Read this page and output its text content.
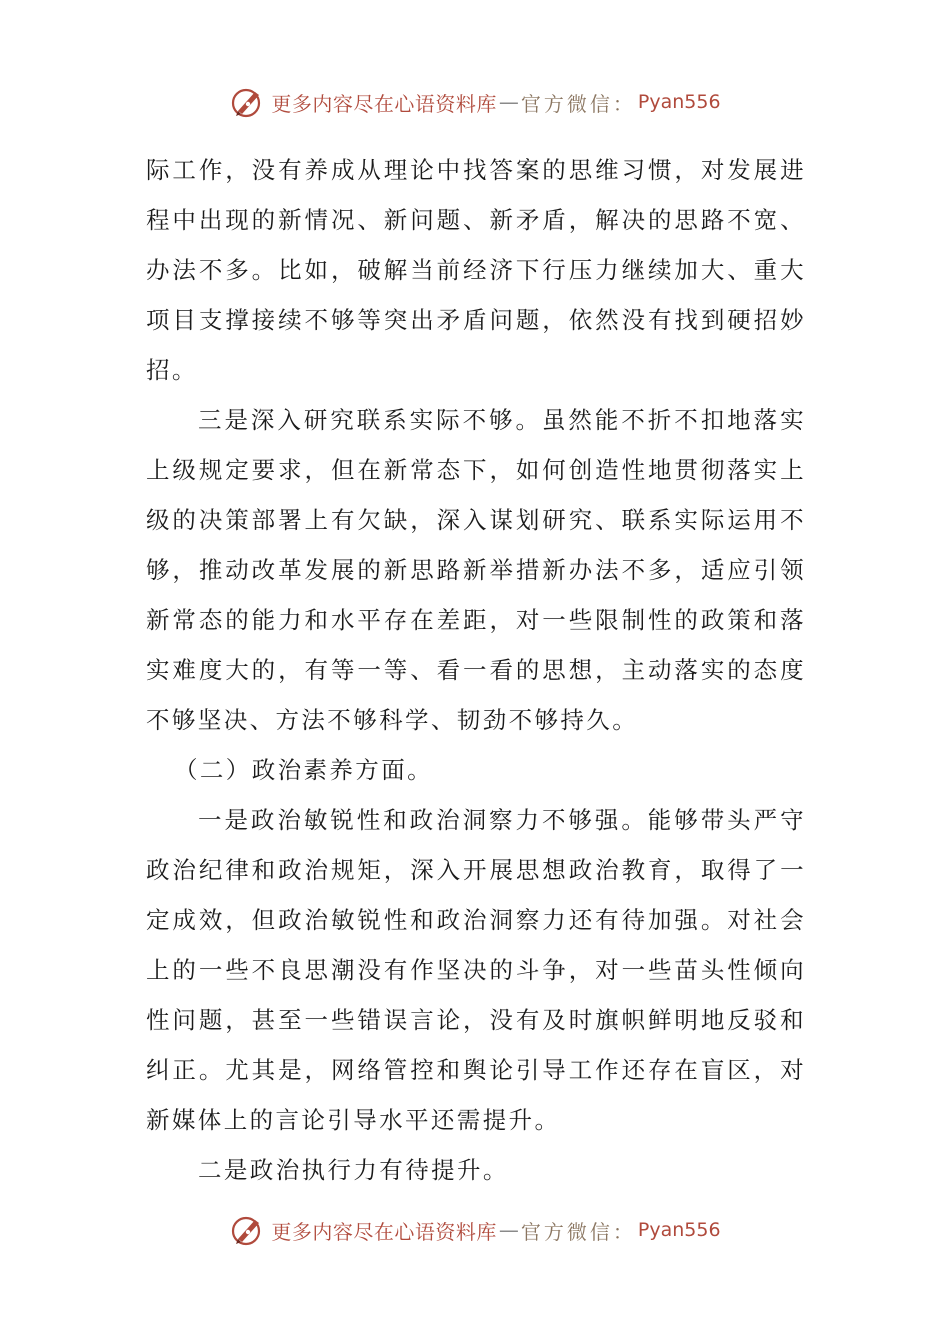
更多内容尽在心语资料库 — 官方微信： Pyan556

际工作，没有养成从理论中找答案的思维习惯，对发展进程中出现的新情况、新问题、新矛盾，解决的思路不宽、办法不多。比如，破解当前经济下行压力继续加大、重大项目支撑接续不够等突出矛盾问题，依然没有找到硬招妙招。

三是深入研究联系实际不够。虽然能不折不扣地落实上级规定要求，但在新常态下，如何创造性地贯彻落实上级的决策部署上有欠缺，深入谋划研究、联系实际运用不够，推动改革发展的新思路新举措新办法不多，适应引领新常态的能力和水平存在差距，对一些限制性的政策和落实难度大的，有等一等、看一看的思想，主动落实的态度不够坚决、方法不够科学、韧劲不够持久。

（二）政治素养方面。

一是政治敏锐性和政治洞察力不够强。能够带头严守政治纪律和政治规矩，深入开展思想政治教育，取得了一定成效，但政治敏锐性和政治洞察力还有待加强。对社会上的一些不良思潮没有作坚决的斗争，对一些苗头性倾向性问题，甚至一些错误言论，没有及时旗帜鲜明地反驳和纠正。尤其是，网络管控和舆论引导工作还存在盲区，对新媒体上的言论引导水平还需提升。

二是政治执行力有待提升。

更多内容尽在心语资料库 — 官方微信： Pyan556
